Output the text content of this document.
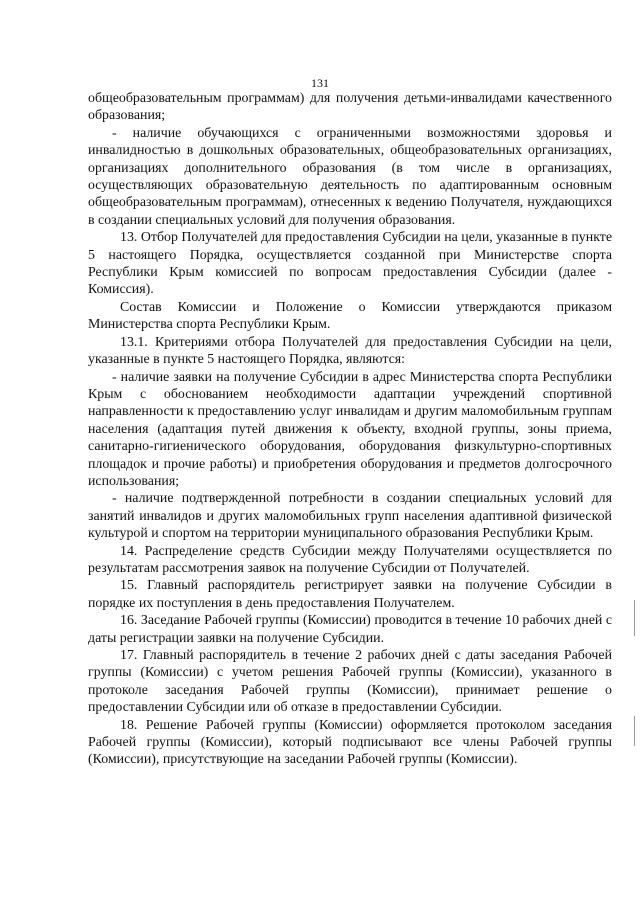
131

общеобразовательным программам) для получения детьми-инвалидами качественного образования;

- наличие обучающихся с ограниченными возможностями здоровья и инвалидностью в дошкольных образовательных, общеобразовательных организациях, организациях дополнительного образования (в том числе в организациях, осуществляющих образовательную деятельность по адаптированным основным общеобразовательным программам), отнесенных к ведению Получателя, нуждающихся в создании специальных условий для получения образования.

13. Отбор Получателей для предоставления Субсидии на цели, указанные в пункте 5 настоящего Порядка, осуществляется созданной при Министерстве спорта Республики Крым комиссией по вопросам предоставления Субсидии (далее - Комиссия).

Состав Комиссии и Положение о Комиссии утверждаются приказом Министерства спорта Республики Крым.

13.1. Критериями отбора Получателей для предоставления Субсидии на цели, указанные в пункте 5 настоящего Порядка, являются:

- наличие заявки на получение Субсидии в адрес Министерства спорта Республики Крым с обоснованием необходимости адаптации учреждений спортивной направленности к предоставлению услуг инвалидам и другим маломобильным группам населения (адаптация путей движения к объекту, входной группы, зоны приема, санитарно-гигиенического оборудования, оборудования физкультурно-спортивных площадок и прочие работы) и приобретения оборудования и предметов долгосрочного использования;

- наличие подтвержденной потребности в создании специальных условий для занятий инвалидов и других маломобильных групп населения адаптивной физической культурой и спортом на территории муниципального образования Республики Крым.

14. Распределение средств Субсидии между Получателями осуществляется по результатам рассмотрения заявок на получение Субсидии от Получателей.

15. Главный распорядитель регистрирует заявки на получение Субсидии в порядке их поступления в день предоставления Получателем.

16. Заседание Рабочей группы (Комиссии) проводится в течение 10 рабочих дней с даты регистрации заявки на получение Субсидии.

17. Главный распорядитель в течение 2 рабочих дней с даты заседания Рабочей группы (Комиссии) с учетом решения Рабочей группы (Комиссии), указанного в протоколе заседания Рабочей группы (Комиссии), принимает решение о предоставлении Субсидии или об отказе в предоставлении Субсидии.

18. Решение Рабочей группы (Комиссии) оформляется протоколом заседания Рабочей группы (Комиссии), который подписывают все члены Рабочей группы (Комиссии), присутствующие на заседании Рабочей группы (Комиссии).
